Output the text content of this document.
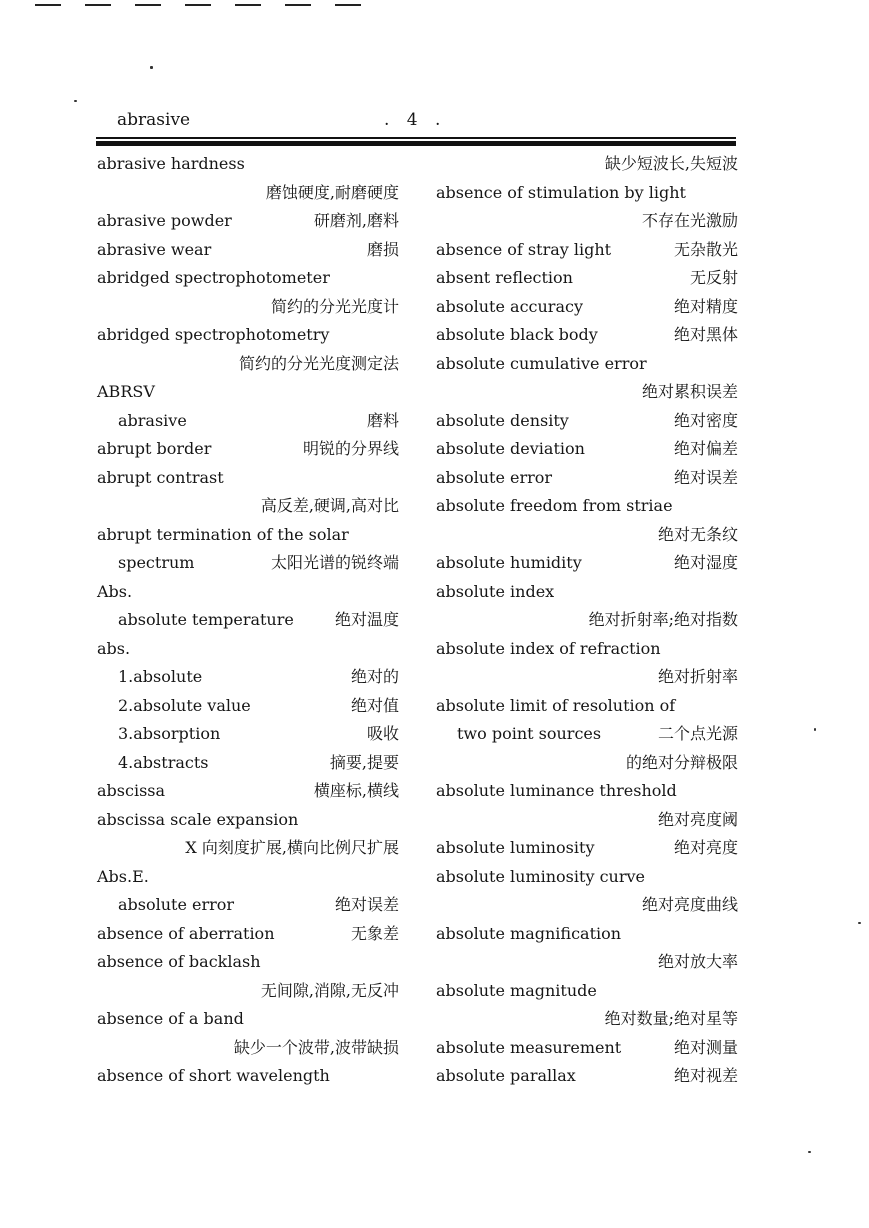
abrasive	. 4 .
abrasive hardness
磨蚀硬度,耐磨硬度
abrasive powder	研磨剂,磨料
abrasive wear	磨损
abridged spectrophotometer
简约的分光光度计
abridged spectrophotometry
简约的分光光度测定法
ABRSV
abrasive	磨料
abrupt border	明锐的分界线
abrupt contrast
高反差,硬调,高对比
abrupt termination of the solar
spectrum	太阳光谱的锐终端
Abs.
absolute temperature	绝对温度
abs.
1.absolute	绝对的
2.absolute value	绝对值
3.absorption	吸收
4.abstracts	摘要,提要
abscissa	横座标,横线
abscissa scale expansion
X 向刻度扩展,横向比例尺扩展
Abs.E.
absolute error	绝对误差
absence of aberration	无象差
absence of backlash
无间隙,消隙,无反冲
absence of a band
缺少一个波带,波带缺损
absence of short wavelength
缺少短波长,失短波
absence of stimulation by light
不存在光激励
absence of stray light	无杂散光
absent reflection	无反射
absolute accuracy	绝对精度
absolute black body	绝对黑体
absolute cumulative error
绝对累积误差
absolute density	绝对密度
absolute deviation	绝对偏差
absolute error	绝对误差
absolute freedom from striae
绝对无条纹
absolute humidity	绝对湿度
absolute index
绝对折射率;绝对指数
absolute index of refraction
绝对折射率
absolute limit of resolution of
two point sources	二个点光源
的绝对分辩极限
absolute luminance threshold
绝对亮度阈
absolute luminosity	绝对亮度
absolute luminosity curve
绝对亮度曲线
absolute magnification
绝对放大率
absolute magnitude
绝对数量;绝对星等
absolute measurement	绝对测量
absolute parallax	绝对视差
